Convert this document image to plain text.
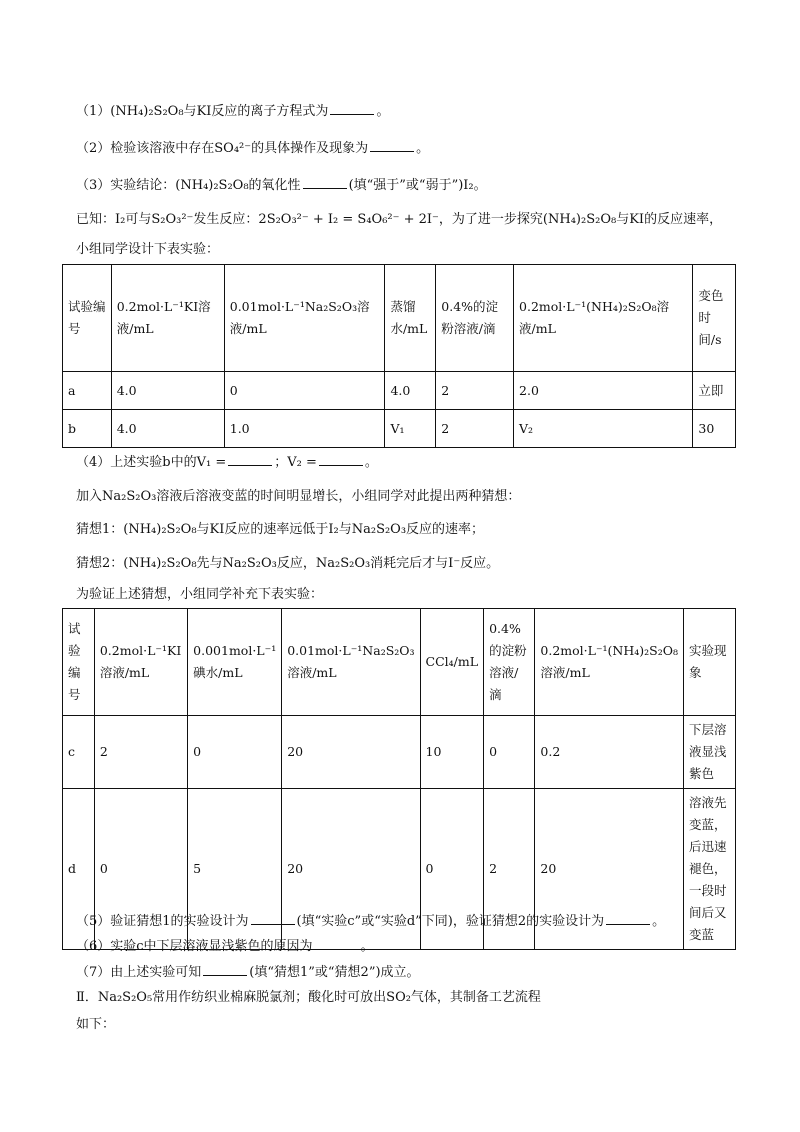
（1）(NH₄)₂S₂O₈与KI反应的离子方程式为	。
（2）检验该溶液中存在SO₄²⁻的具体操作及现象为	。
（3）实验结论：(NH₄)₂S₂O₈的氧化性	(填“强于”或“弱于”)I₂。
已知：I₂可与S₂O₃²⁻发生反应：2S₂O₃²⁻ + I₂ = S₄O₆²⁻ + 2I⁻，为了进一步探究(NH₄)₂S₂O₈与KI的反应速率，
小组同学设计下表实验：
试验编号	0.2mol·L⁻¹KI溶液/mL	0.01mol·L⁻¹Na₂S₂O₃溶液/mL	蒸馏水/mL	0.4%的淀粉溶液/滴	0.2mol·L⁻¹(NH₄)₂S₂O₈溶液/mL	变色时间/s
a	4.0	0	4.0	2	2.0	立即
b	4.0	1.0	V₁	2	V₂	30
（4）上述实验b中的V₁ =	；V₂ =	。
加入Na₂S₂O₃溶液后溶液变蓝的时间明显增长，小组同学对此提出两种猜想：
猜想1：(NH₄)₂S₂O₈与KI反应的速率远低于I₂与Na₂S₂O₃反应的速率；
猜想2：(NH₄)₂S₂O₈先与Na₂S₂O₃反应，Na₂S₂O₃消耗完后才与I⁻反应。
为验证上述猜想，小组同学补充下表实验：
试验编号	0.2mol·L⁻¹KI溶液/mL	0.001mol·L⁻¹碘水/mL	0.01mol·L⁻¹Na₂S₂O₃溶液/mL	CCl₄/mL	0.4%的淀粉溶液/滴	0.2mol·L⁻¹(NH₄)₂S₂O₈溶液/mL	实验现象
c	2	0	20	10	0	0.2	下层溶液显浅紫色
d	0	5	20	0	2	20	溶液先变蓝，后迅速褪色，一段时间后又变蓝
（5）验证猜想1的实验设计为	(填“实验c”或“实验d”下同)，验证猜想2的实验设计为	。
（6）实验c中下层溶液显浅紫色的原因为	。
（7）由上述实验可知	(填“猜想1”或“猜想2”)成立。
Ⅱ．Na₂S₂O₅常用作纺织业棉麻脱氯剂；酸化时可放出SO₂气体，其制备工艺流程
如下：
